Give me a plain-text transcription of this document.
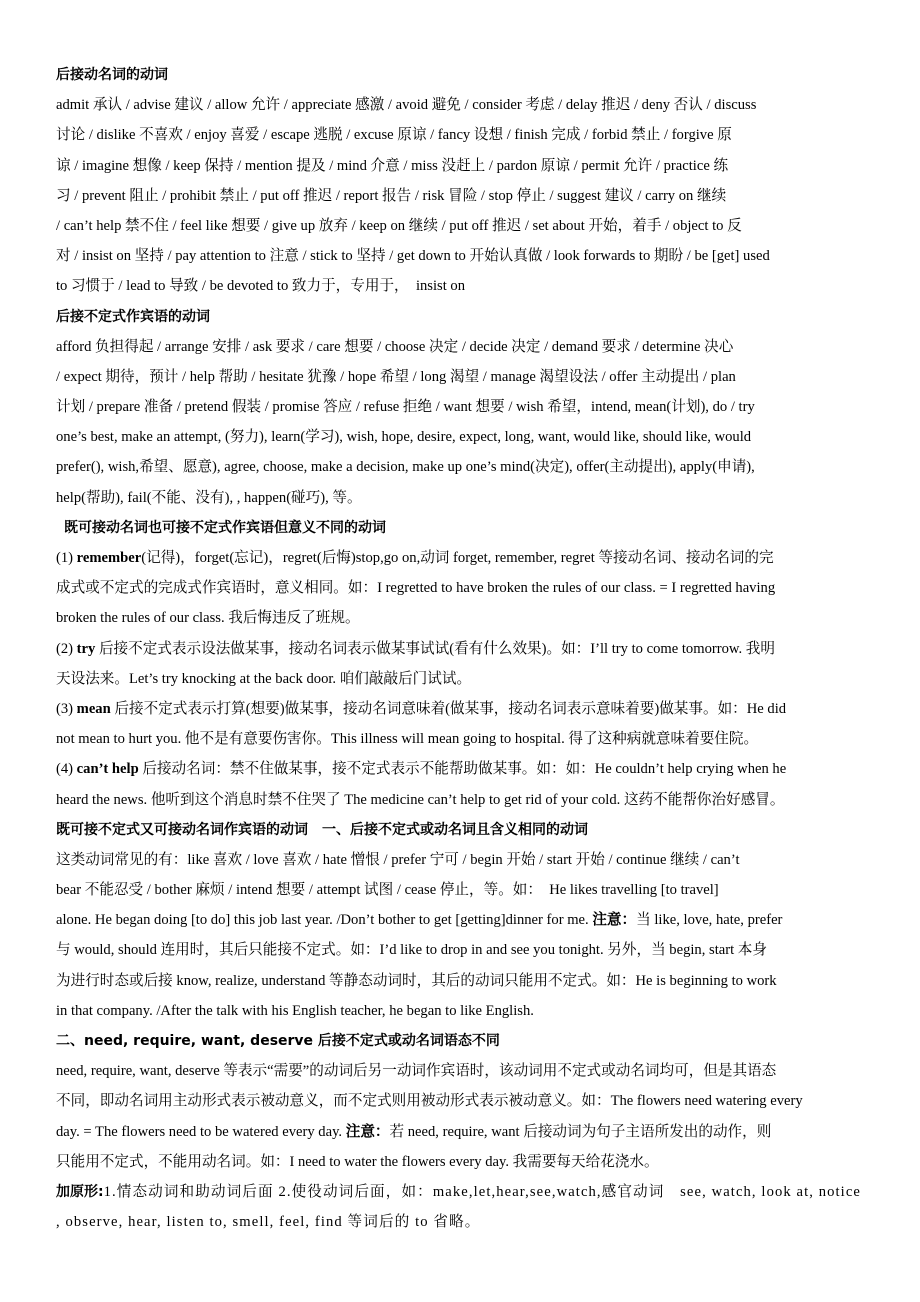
后接动名词的动词
admit 承认 / advise 建议 / allow 允许 / appreciate 感激 / avoid 避免 / consider 考虑 / delay 推迟 / deny 否认 / discuss
讨论 / dislike 不喜欢 / enjoy 喜爱 / escape 逃脱 / excuse 原谅 / fancy 设想 / finish 完成 / forbid 禁止 / forgive 原
谅 / imagine 想像 / keep 保持 / mention 提及 / mind 介意 / miss 没赶上 / pardon 原谅 / permit 允许 / practice 练
习 / prevent 阻止 / prohibit 禁止 / put off 推迟 / report 报告 / risk 冒险 / stop 停止 / suggest 建议 / carry on 继续
/ can’t help 禁不住 / feel like 想要 / give up 放弃 / keep on 继续 / put off 推迟 / set about 开始，着手 / object to 反
对 / insist on 坚持 / pay attention to 注意 / stick to 坚持 / get down to 开始认真做 / look forwards to 期盼 / be [get] used
to 习惯于 / lead to 导致 / be devoted to 致力于，专用于，　insist on
后接不定式作宾语的动词
afford 负担得起 / arrange 安排 / ask 要求 / care 想要 / choose 决定 / decide 决定 / demand 要求 / determine 决心
/ expect 期待，预计 / help 帮助 / hesitate 犹豫 / hope 希望 / long 渴望 / manage 渴望设法 / offer 主动提出 / plan
计划 / prepare 准备 / pretend 假装 / promise 答应 / refuse 拒绝 / want 想要 / wish 希望，intend, mean(计划), do / try
one’s best, make an attempt, (努力), learn(学习), wish, hope, desire, expect, long, want, would like, should like, would
prefer(), wish,希望、愿意), agree, choose, make a decision, make up one’s mind(决定), offer(主动提出), apply(申请),
help(帮助), fail(不能、没有), , happen(碰巧), 等。
既可接动名词也可接不定式作宾语但意义不同的动词
(1) remember(记得)，forget(忘记)，regret(后悔)stop,go on,动词 forget, remember, regret 等接动名词、接动名词的完
成式或不定式的完成式作宾语时，意义相同。如：I regretted to have broken the rules of our class. = I regretted having
broken the rules of our class. 我后悔违反了班规。
(2) try 后接不定式表示设法做某事，接动名词表示做某事试试(看有什么效果)。如：I’ll try to come tomorrow. 我明
天设法来。Let’s try knocking at the back door. 咱们敲敲后门试试。
(3) mean 后接不定式表示打算(想要)做某事，接动名词意味着(做某事，接动名词表示意味着要)做某事。如：He did
not mean to hurt you. 他不是有意要伤害你。This illness will mean going to hospital. 得了这种病就意味着要住院。
(4) can’t help 后接动名词：禁不住做某事，接不定式表示不能帮助做某事。如：如：He couldn’t help crying when he
heard the news. 他听到这个消息时禁不住哭了 The medicine can’t help to get rid of your cold. 这药不能帮你治好感冒。
既可接不定式又可接动名词作宾语的动词　一、后接不定式或动名词且含义相同的动词
这类动词常见的有：like 喜欢 / love 喜欢 / hate 憎恨 / prefer 宁可 / begin 开始 / start 开始 / continue 继续 / can’t
bear 不能忍受 / bother 麻烦 / intend 想要 / attempt 试图 / cease 停止，等。如：　He likes travelling [to travel]
alone. He began doing [to do] this job last year. /Don’t bother to get [getting]dinner for me. 注意：当 like, love, hate, prefer
与 would, should 连用时，其后只能接不定式。如：I’d like to drop in and see you tonight. 另外，当 begin, start 本身
为进行时态或后接 know, realize, understand 等静态动词时，其后的动词只能用不定式。如：He is beginning to work
in that company. /After the talk with his English teacher, he began to like English.
二、need, require, want, deserve 后接不定式或动名词语态不同
need, require, want, deserve 等表示“需要”的动词后另一动词作宾语时，该动词用不定式或动名词均可，但是其语态
不同，即动名词用主动形式表示被动意义，而不定式则用被动形式表示被动意义。如：The flowers need watering every
day. = The flowers need to be watered every day. 注意：若 need, require, want 后接动词为句子主语所发出的动作，则
只能用不定式，不能用动名词。如：I need to water the flowers every day. 我需要每天给花浇水。
加原形:1.情态动词和助动词后面 2.使役动词后面，如：make,let,hear,see,watch,感官动词　see, watch, look at, notice
, observe, hear, listen to, smell, feel, find 等词后的 to 省略。
